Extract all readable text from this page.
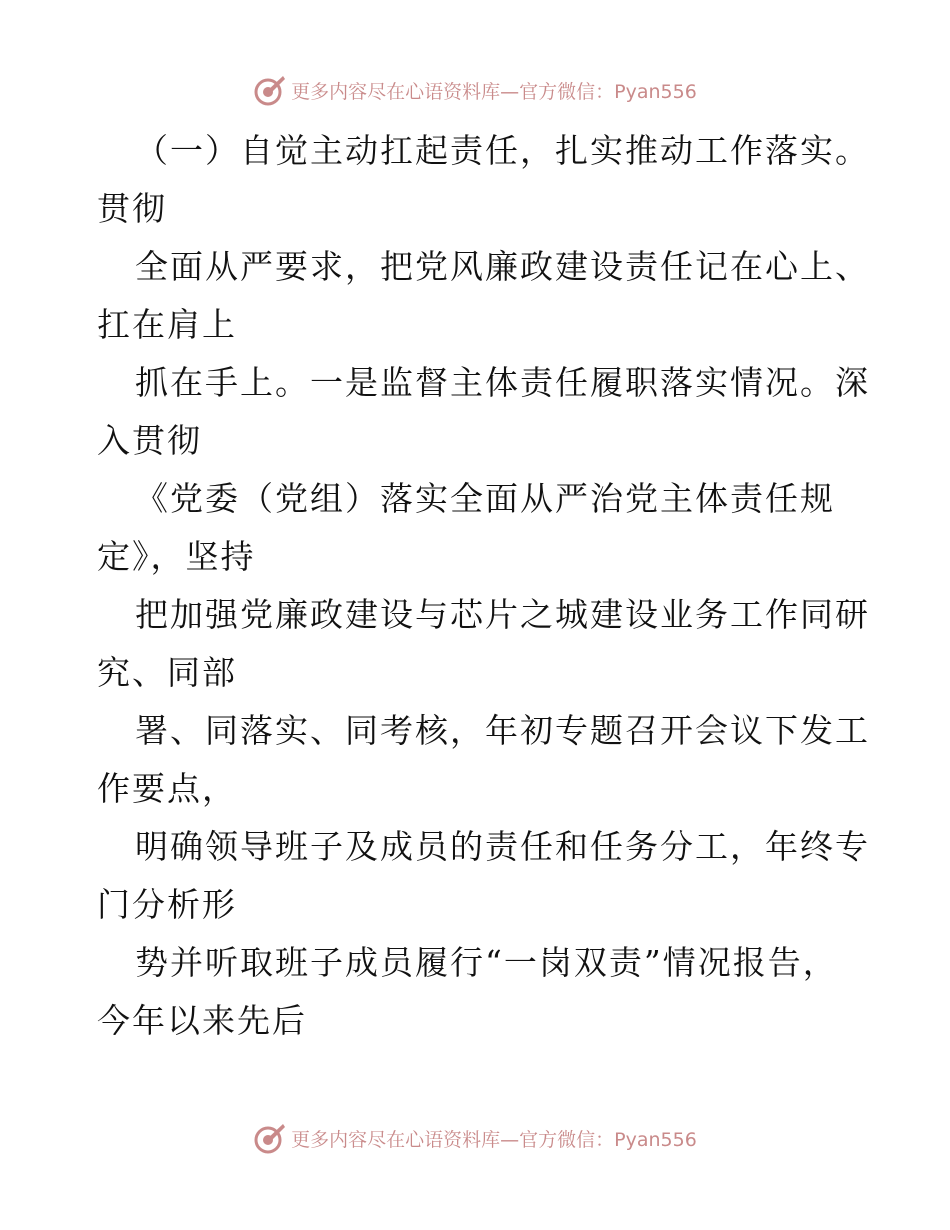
更多内容尽在心语资料库—官方微信：Pyan556
（一）自觉主动扛起责任，扎实推动工作落实。
贯彻
全面从严要求，把党风廉政建设责任记在心上、
扛在肩上
抓在手上。一是监督主体责任履职落实情况。深
入贯彻
《党委（党组）落实全面从严治党主体责任规
定》，坚持
把加强党廉政建设与芯片之城建设业务工作同研
究、同部
署、同落实、同考核，年初专题召开会议下发工
作要点，
明确领导班子及成员的责任和任务分工，年终专
门分析形
势并听取班子成员履行“一岗双责”情况报告，
今年以来先后
更多内容尽在心语资料库—官方微信：Pyan556
